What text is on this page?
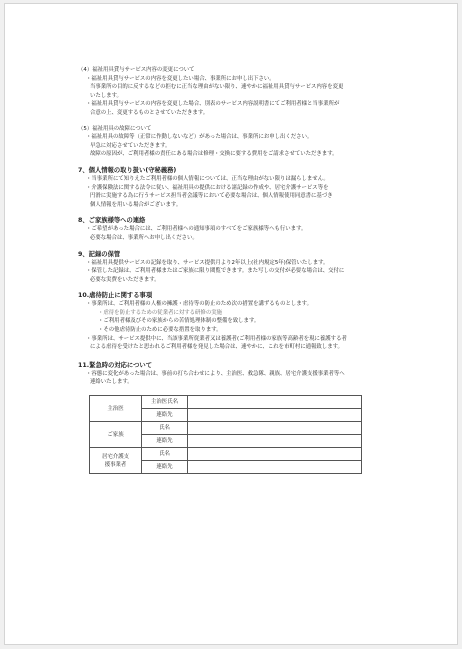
（4）福祉用具貸与サービス内容の変更について

・福祉用具貸与サービスの内容を変更したい場合、事業所にお申し出下さい。

当事業所の目的に反するなどの拒むに正当な理由がない限り、速やかに福祉用具貸与サービス内容を変更

いたします。

・福祉用具貸与サービスの内容を変更した場合、別表のサービス内容説明書にてご利用者様と当事業所が

合意の上、変更するものとさせていただきます。

（5）福祉用具の故障について

・福祉用具の故障等（正常に作動しないなど）があった場合は、事業所にお申し出ください。

早急に対応させていただきます。

故障の原因が、ご利用者様の責任にある場合は修理・交換に要する費用をご請求させていただきます。

7、個人情報の取り扱い(守秘義務)

・当事業所にて知りえたご利用者様の個人情報については、正当な理由がない限りは漏らしません。

・介護保険法に関する法令に従い、福祉用具の提供における諸記録の作成や、居宅介護サービス等を

円滑に実施する為に行うサービス担当者会議等において必要な場合は、個人情報使用同意書に基づき

個人情報を用いる場合がございます。

8、ご家族様等への連絡

・ご希望があった場合には、ご利用者様への通知事項のすべてをご家族様等へも行います。

必要な場合は、事業所へお申し出ください。

9、記録の保管

・福祉用具提供サービスの記録を取り、サービス提供月より2年以上(社内規定5年)保管いたします。

・保管した記録は、ご利用者様またはご家族に限り閲覧できます。また写しの交付が必要な場合は、交付に

必要な実費をいただきます。

10.虐待防止に関する事項

・事業所は、ご利用者様の人権の擁護・虐待等の防止のため次の措置を講ずるものとします。

・虐待を防止するための従業者に対する研修の実施

・ご利用者様及びその家族からの苦情処理体制の整備を致します。

・その他虐待防止のために必要な措置を取ります。

・事業所は、サービス提供中に、当該事業所従業者又は養護者(ご利用者様の家族等高齢者を現に養護する者

による虐待を受けたと思われるご利用者様を発見した場合は、速やかに、これを市町村に通報致します。

11.緊急時の対応について

・容態に変化があった場合は、事前の打ち合わせにより、主治医、救急隊、親族、居宅介護支援事業者等へ

連絡いたします。

主治医	主治医氏名	
	連絡先	
ご家族	氏名	
	連絡先	
居宅介護支
援事業者	氏名	
	連絡先	
